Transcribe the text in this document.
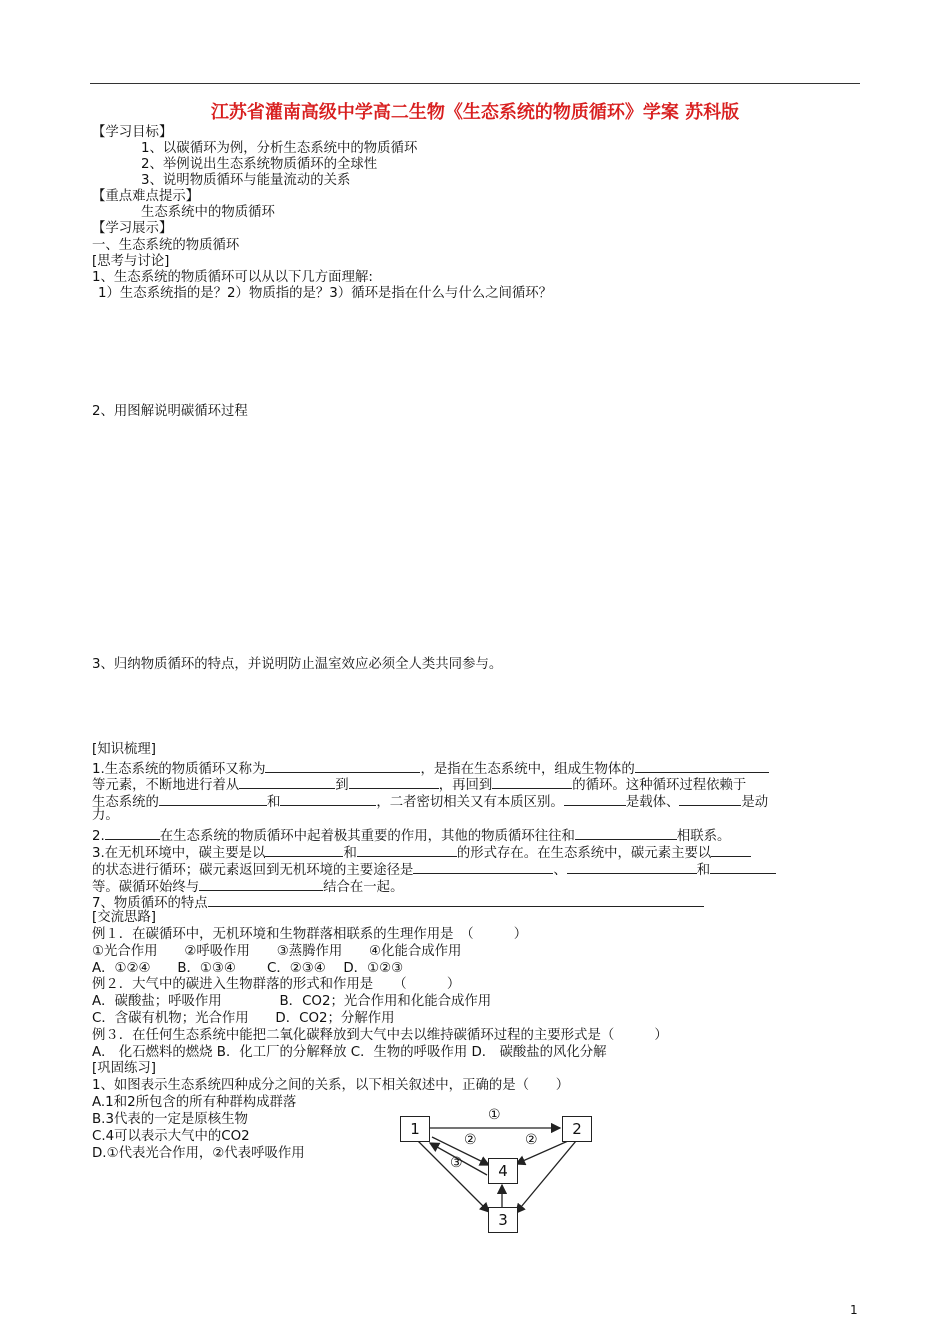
江苏省灌南高级中学高二生物《生态系统的物质循环》学案 苏科版
【学习目标】
1、以碳循环为例，分析生态系统中的物质循环
2、举例说出生态系统物质循环的全球性
3、说明物质循环与能量流动的关系
【重点难点提示】
生态系统中的物质循环
【学习展示】
一、生态系统的物质循环
[思考与讨论]
1、生态系统的物质循环可以从以下几方面理解:
1）生态系统指的是？2）物质指的是？3）循环是指在什么与什么之间循环？
2、用图解说明碳循环过程
3、归纳物质循环的特点，并说明防止温室效应必须全人类共同参与。
[知识梳理]
1.生态系统的物质循环又称为	，是指在生态系统中，组成生物体的
等元素，不断地进行着从	到	，再回到	的循环。这种循环过程依赖于
生态系统的	和	，二者密切相关又有本质区别。	是载体、	是动
力。
2.	在生态系统的物质循环中起着极其重要的作用，其他的物质循环往往和	相联系。
3.在无机环境中，碳主要是以	和	的形式存在。在生态系统中，碳元素主要以
的状态进行循环；碳元素返回到无机环境的主要途径是	、	和
等。碳循环始终与	结合在一起。
7、物质循环的特点
[交流思路]
例１．在碳循环中，无机环境和生物群落相联系的生理作用是　（　　　）
①光合作用　　②呼吸作用　　③蒸腾作用　　④化能合成作用
A．①②④　　B．①③④　　 C．②③④　 D．①②③
例２．大气中的碳进入生物群落的形式和作用是　　（　　　）
A．碳酸盐；呼吸作用　　　　 B．CO2；光合作用和化能合成作用
C．含碳有机物；光合作用　　D．CO2；分解作用
例３．在任何生态系统中能把二氧化碳释放到大气中去以维持碳循环过程的主要形式是（　　　）
A． 化石燃料的燃烧 B．化工厂的分解释放 C．生物的呼吸作用 D． 碳酸盐的风化分解
[巩固练习]
1、如图表示生态系统四种成分之间的关系，以下相关叙述中，正确的是（　　）
A.1和2所包含的所有种群构成群落
B.3代表的一定是原核生物
C.4可以表示大气中的CO2
D.①代表光合作用，②代表呼吸作用
1	2
4
3
①
②	②
③
1
